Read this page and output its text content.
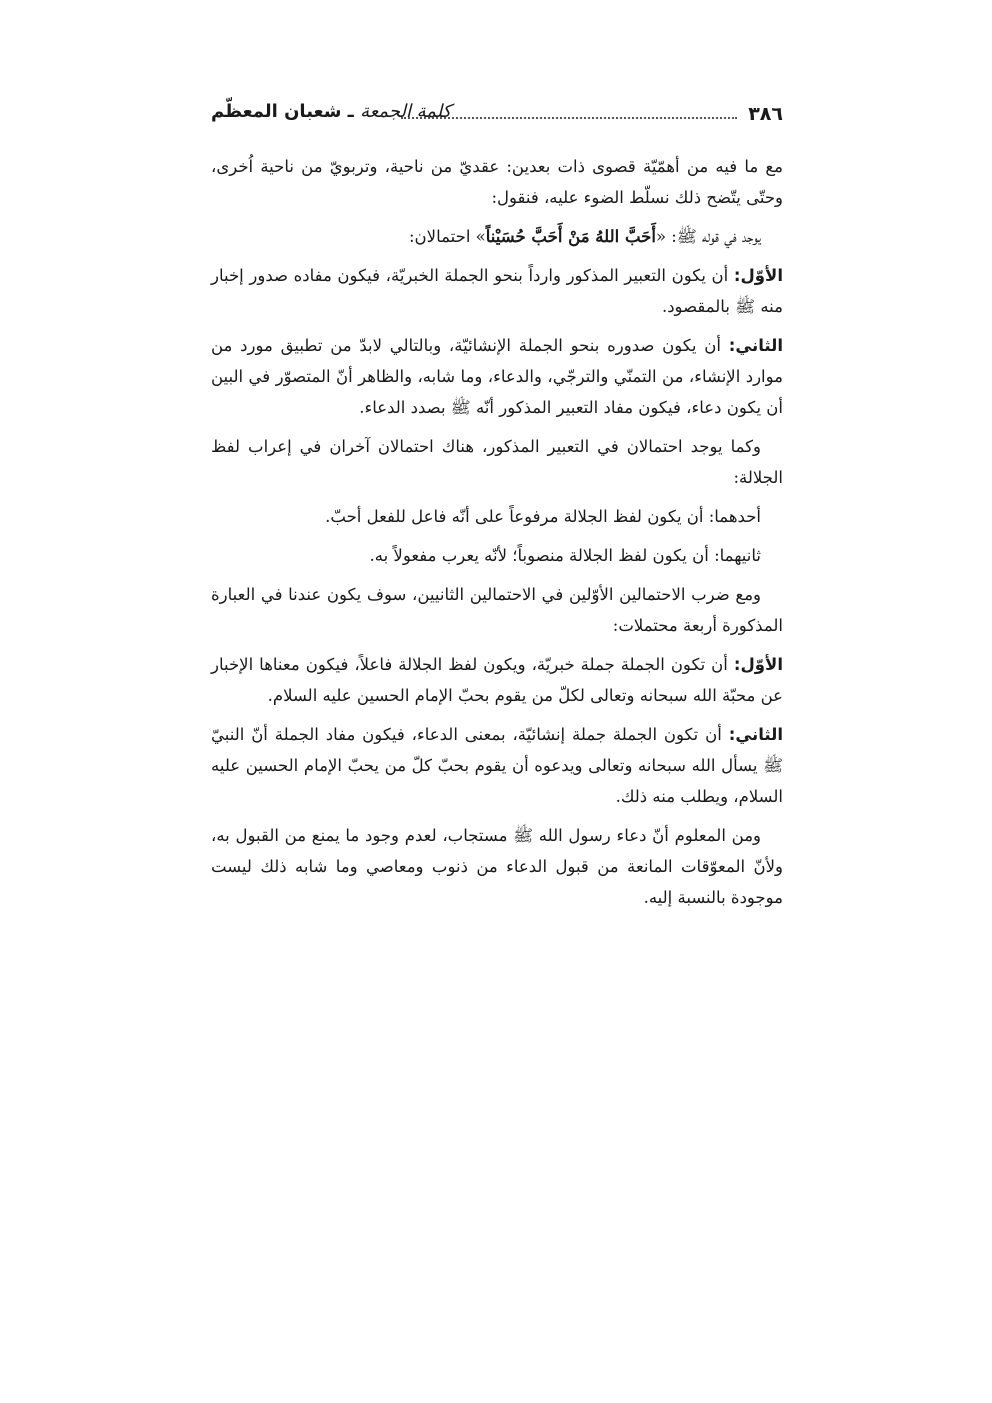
٣٨٦
كلمة الجمعة ـ شعبان المعظّم

مع ما فيه من أهمّيّة قصوى ذات بعدين: عقديّ من ناحية، وتربويّ من ناحية اُخرى، وحتّى يتّضح ذلك نسلّط الضوء عليه، فنقول:

يوجد في قوله ﷺ: «أَحَبَّ اللهُ مَنْ أَحَبَّ حُسَيْناً» احتمالان:

الأوّل: أن يكون التعبير المذكور وارداً بنحو الجملة الخبريّة، فيكون مفاده صدور إخبار منه ﷺ بالمقصود.

الثاني: أن يكون صدوره بنحو الجملة الإنشائيّة، وبالتالي لابدّ من تطبيق مورد من موارد الإنشاء، من التمنّي والترجّي، والدعاء، وما شابه، والظاهر أنّ المتصوّر في البين أن يكون دعاء، فيكون مفاد التعبير المذكور أنّه ﷺ بصدد الدعاء.

وكما يوجد احتمالان في التعبير المذكور، هناك احتمالان آخران في إعراب لفظ الجلالة:

أحدهما: أن يكون لفظ الجلالة مرفوعاً على أنّه فاعل للفعل أحبّ.

ثانيهما: أن يكون لفظ الجلالة منصوباً؛ لأنّه يعرب مفعولاً به.

ومع ضرب الاحتمالين الأوّلين في الاحتمالين الثانيين، سوف يكون عندنا في العبارة المذكورة أربعة محتملات:

الأوّل: أن تكون الجملة جملة خبريّة، ويكون لفظ الجلالة فاعلاً، فيكون معناها الإخبار عن محبّة الله سبحانه وتعالى لكلّ من يقوم بحبّ الإمام الحسين عليه السلام.

الثاني: أن تكون الجملة جملة إنشائيّة، بمعنى الدعاء، فيكون مفاد الجملة أنّ النبيّ ﷺ يسأل الله سبحانه وتعالى ويدعوه أن يقوم بحبّ كلّ من يحبّ الإمام الحسين عليه السلام، ويطلب منه ذلك.

ومن المعلوم أنّ دعاء رسول الله ﷺ مستجاب، لعدم وجود ما يمنع من القبول به، ولأنّ المعوّقات المانعة من قبول الدعاء من ذنوب ومعاصي وما شابه ذلك ليست موجودة بالنسبة إليه.
